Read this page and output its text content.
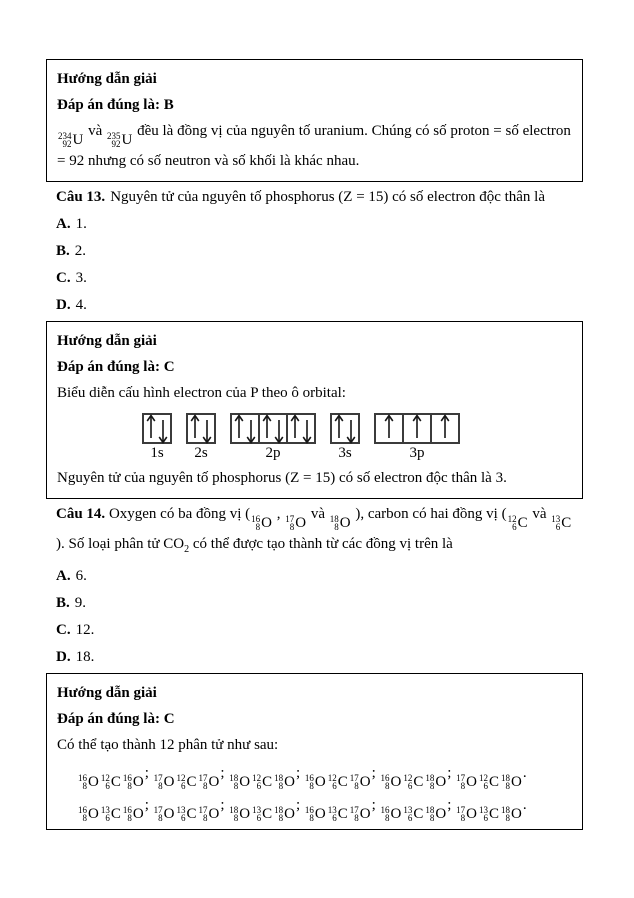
Hướng dẫn giải

Đáp án đúng là: B

234
92 U
và 235
92 U
đều là đồng vị của nguyên tố uranium. Chúng có số proton = số electron = 92 nhưng có số neutron và số khối là khác nhau.

Câu 13. Nguyên tử của nguyên tố phosphorus (Z = 15) có số electron độc thân là

A. 1.

B. 2.

C. 3.

D. 4.

Hướng dẫn giải

Đáp án đúng là: C

Biểu diễn cấu hình electron của P theo ô orbital:

1s 2s	2p	3s	3p

Nguyên tử của nguyên tố phosphorus (Z = 15) có số electron độc thân là 3.

Câu 14. Oxygen có ba đồng vị ( 16
8 O
, 17
8 O
và 18
8 O
), carbon có hai đồng vị ( 12
6 C
và 13
6 C
). Số loại phân tử $CO_2$ có thể được tạo thành từ các đồng vị trên là

A. 6.

B. 9.

C. 12.

D. 18.

Hướng dẫn giải

Đáp án đúng là: C

Có thể tạo thành 12 phân tử như sau:

16
8 O 12
6 C 16
8 O
; 17
8 O 12
6 C 17
8 O
; 18
8 O 12
6 C 18
8 O
; 16
8 O 12
6 C 17
8 O
; 16
8 O 12
6 C 18
8 O
; 17
8 O 12
6 C 18
8 O
.

16
8 O 13
6 C 16
8 O
; 17
8 O 13
6 C 17
8 O
; 18
8 O 13
6 C 18
8 O
; 16
8 O 13
6 C 17
8 O
; 16
8 O 13
6 C 18
8 O
; 17
8 O 13
6 C 18
8 O
.
